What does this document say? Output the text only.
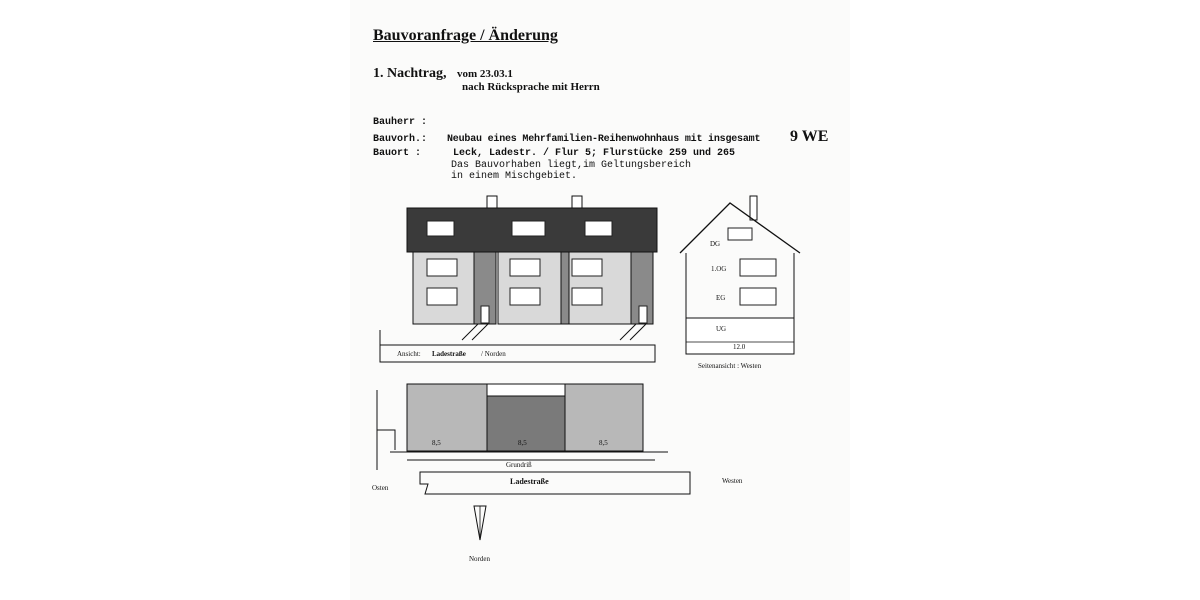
Bauvoranfrage / Änderung
1. Nachtrag, vom 23.03.1
nach Rücksprache mit Herrn
Bauherr :
Bauvorh.: Neubau eines Mehrfamilien-Reihenwohnhaus mit insgesamt 9 WE
Bauort :	Leck, Ladestr. / Flur 5; Flurstücke 259 und 265
Das Bauvorhaben liegt,im Geltungsbereich
in einem Mischgebiet.
Ansicht: Ladestraße / Norden
DG
1.OG
EG
UG
12.0
Seitenansicht : Westen
8,5	8,5	8,5
Grundriß
Ladestraße
Osten
Westen
Norden
